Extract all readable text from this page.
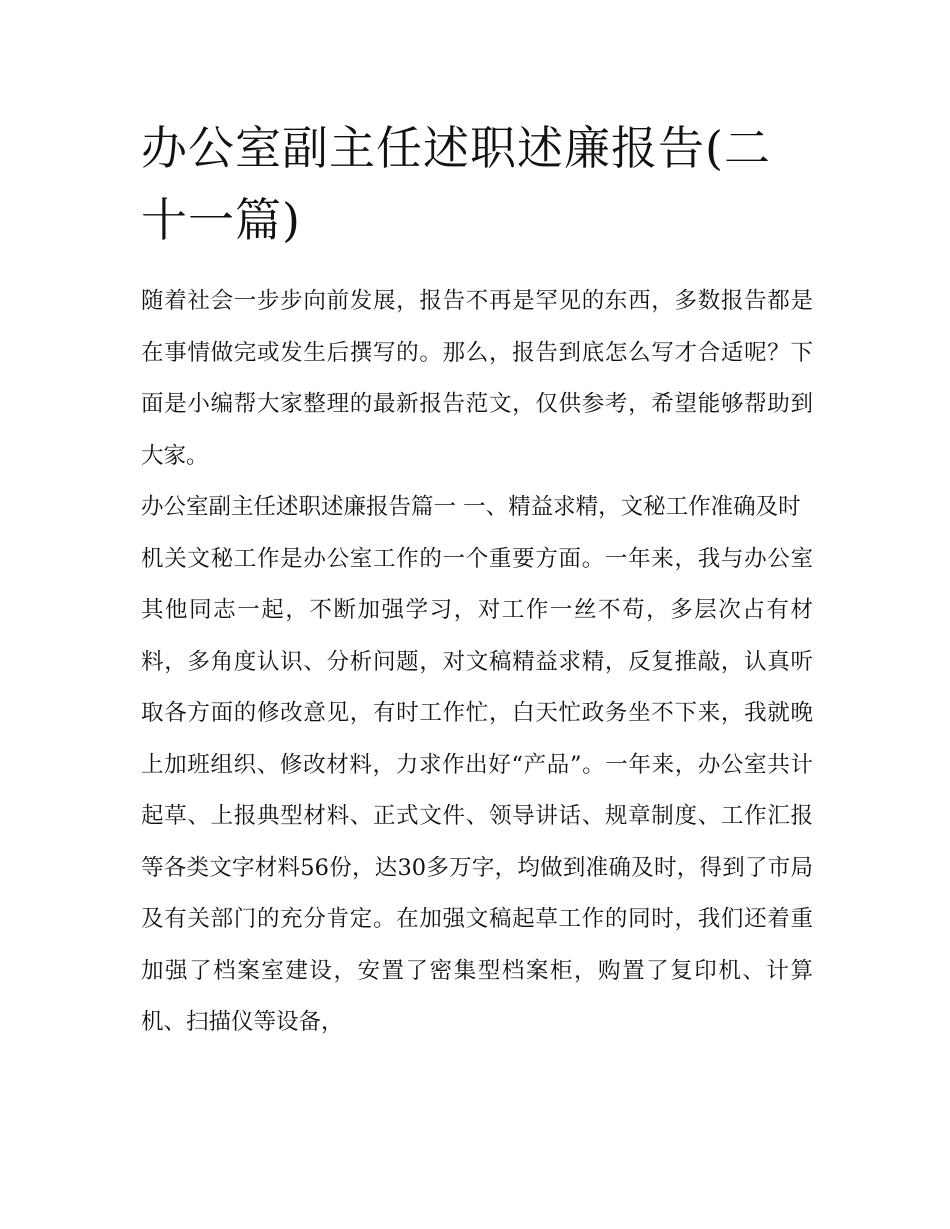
办公室副主任述职述廉报告(二十一篇)

随着社会一步步向前发展，报告不再是罕见的东西，多数报告都是在事情做完或发生后撰写的。那么，报告到底怎么写才合适呢？下面是小编帮大家整理的最新报告范文，仅供参考，希望能够帮助到大家。

办公室副主任述职述廉报告篇一 一、精益求精，文秘工作准确及时

机关文秘工作是办公室工作的一个重要方面。一年来，我与办公室其他同志一起，不断加强学习，对工作一丝不苟，多层次占有材料，多角度认识、分析问题，对文稿精益求精，反复推敲，认真听取各方面的修改意见，有时工作忙，白天忙政务坐不下来，我就晚上加班组织、修改材料，力求作出好“产品”。一年来，办公室共计起草、上报典型材料、正式文件、领导讲话、规章制度、工作汇报等各类文字材料56份，达30多万字，均做到准确及时，得到了市局及有关部门的充分肯定。在加强文稿起草工作的同时，我们还着重加强了档案室建设，安置了密集型档案柜，购置了复印机、计算机、扫描仪等设备，
